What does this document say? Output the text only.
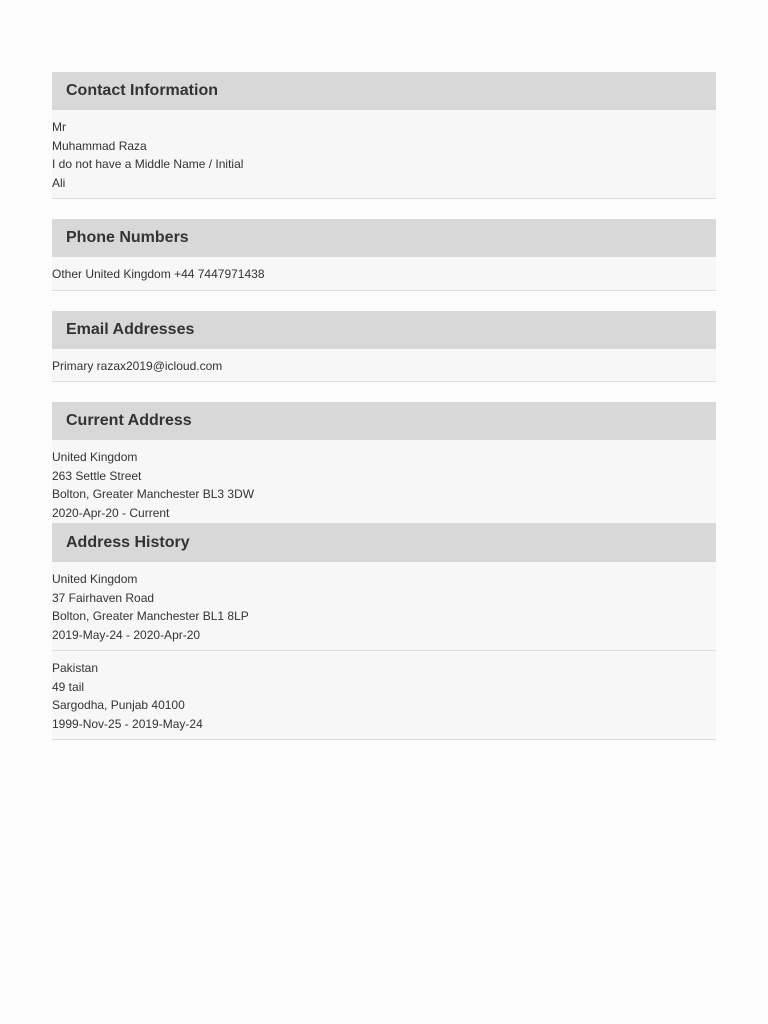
Contact Information
Mr
Muhammad Raza
I do not have a Middle Name / Initial
Ali
Phone Numbers
Other United Kingdom +44 7447971438
Email Addresses
Primary razax2019@icloud.com
Current Address
United Kingdom
263 Settle Street
Bolton, Greater Manchester BL3 3DW
2020-Apr-20 - Current
Address History
United Kingdom
37 Fairhaven Road
Bolton, Greater Manchester BL1 8LP
2019-May-24 - 2020-Apr-20
Pakistan
49 tail
Sargodha, Punjab 40100
1999-Nov-25 - 2019-May-24
